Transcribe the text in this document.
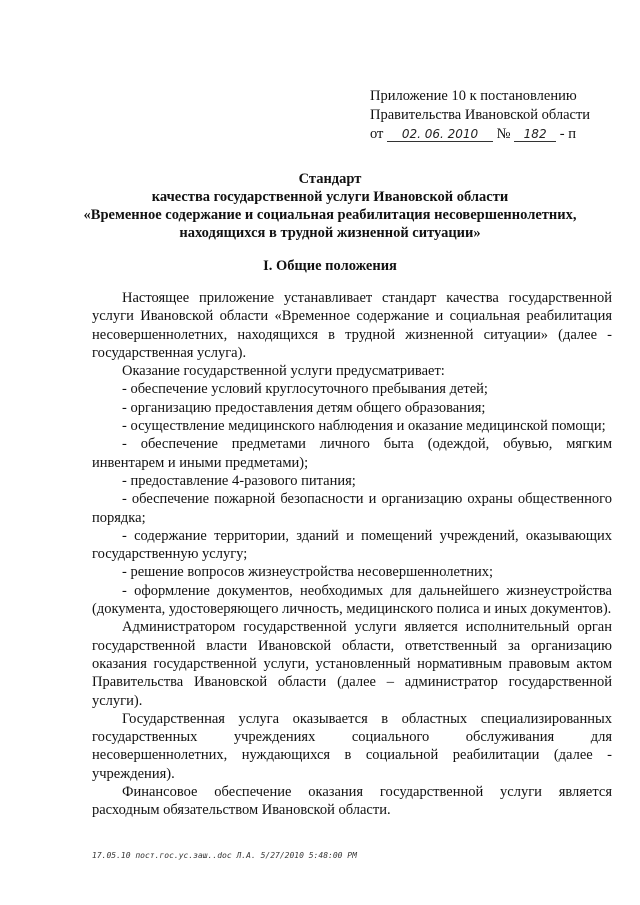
Приложение 10 к постановлению
Правительства Ивановской области
от 02. 06. 2010 № 182 - п
Стандарт
качества государственной услуги Ивановской области
«Временное содержание и социальная реабилитация несовершеннолетних,
находящихся в трудной жизненной ситуации»
I. Общие положения

Настоящее приложение устанавливает стандарт качества государственной услуги Ивановской области «Временное содержание и социальная реабилитация несовершеннолетних, находящихся в трудной жизненной ситуации» (далее - государственная услуга).

Оказание государственной услуги предусматривает:

- обеспечение условий круглосуточного пребывания детей;

- организацию предоставления детям общего образования;

- осуществление медицинского наблюдения и оказание медицинской помощи;

- обеспечение предметами личного быта (одеждой, обувью, мягким инвентарем и иными предметами);

- предоставление 4-разового питания;

- обеспечение пожарной безопасности и организацию охраны общественного порядка;

- содержание территории, зданий и помещений учреждений, оказывающих государственную услугу;

- решение вопросов жизнеустройства несовершеннолетних;

- оформление документов, необходимых для дальнейшего жизнеустройства (документа, удостоверяющего личность, медицинского полиса и иных документов).

Администратором государственной услуги является исполнительный орган государственной власти Ивановской области, ответственный за организацию оказания государственной услуги, установленный нормативным правовым актом Правительства Ивановской области (далее – администратор государственной услуги).

Государственная услуга оказывается в областных специализированных государственных учреждениях социального обслуживания для несовершеннолетних, нуждающихся в социальной реабилитации (далее - учреждения).

Финансовое обеспечение оказания государственной услуги является расходным обязательством Ивановской области.

17.05.10 пост.гос.ус.заш..doc Л.А. 5/27/2010 5:48:00 PM
